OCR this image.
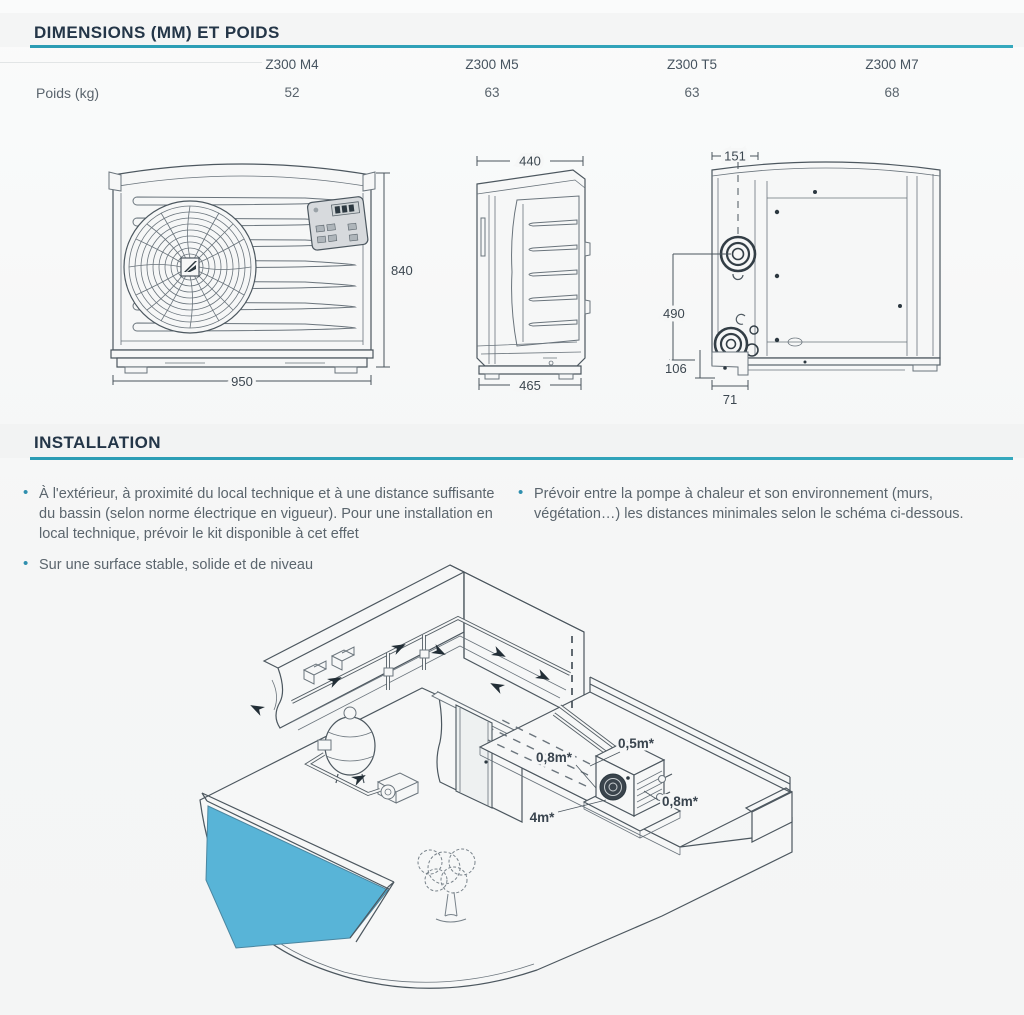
DIMENSIONS (MM) ET POIDS
Z300 M4	Z300 M5	Z300 T5	Z300 M7
Poids (kg)	52	63	63	68
950
840
440
465
151
490
106
71
INSTALLATION
• À l'extérieur, à proximité du local technique et à une distance suffisante du bassin (selon norme électrique en vigueur). Pour une installation en local technique, prévoir le kit disponible à cet effet
• Sur une surface stable, solide et de niveau
• Prévoir entre la pompe à chaleur et son environnement (murs, végétation…) les distances minimales selon le schéma ci-dessous.
0,5m*
0,8m*
0,8m*
4m*
